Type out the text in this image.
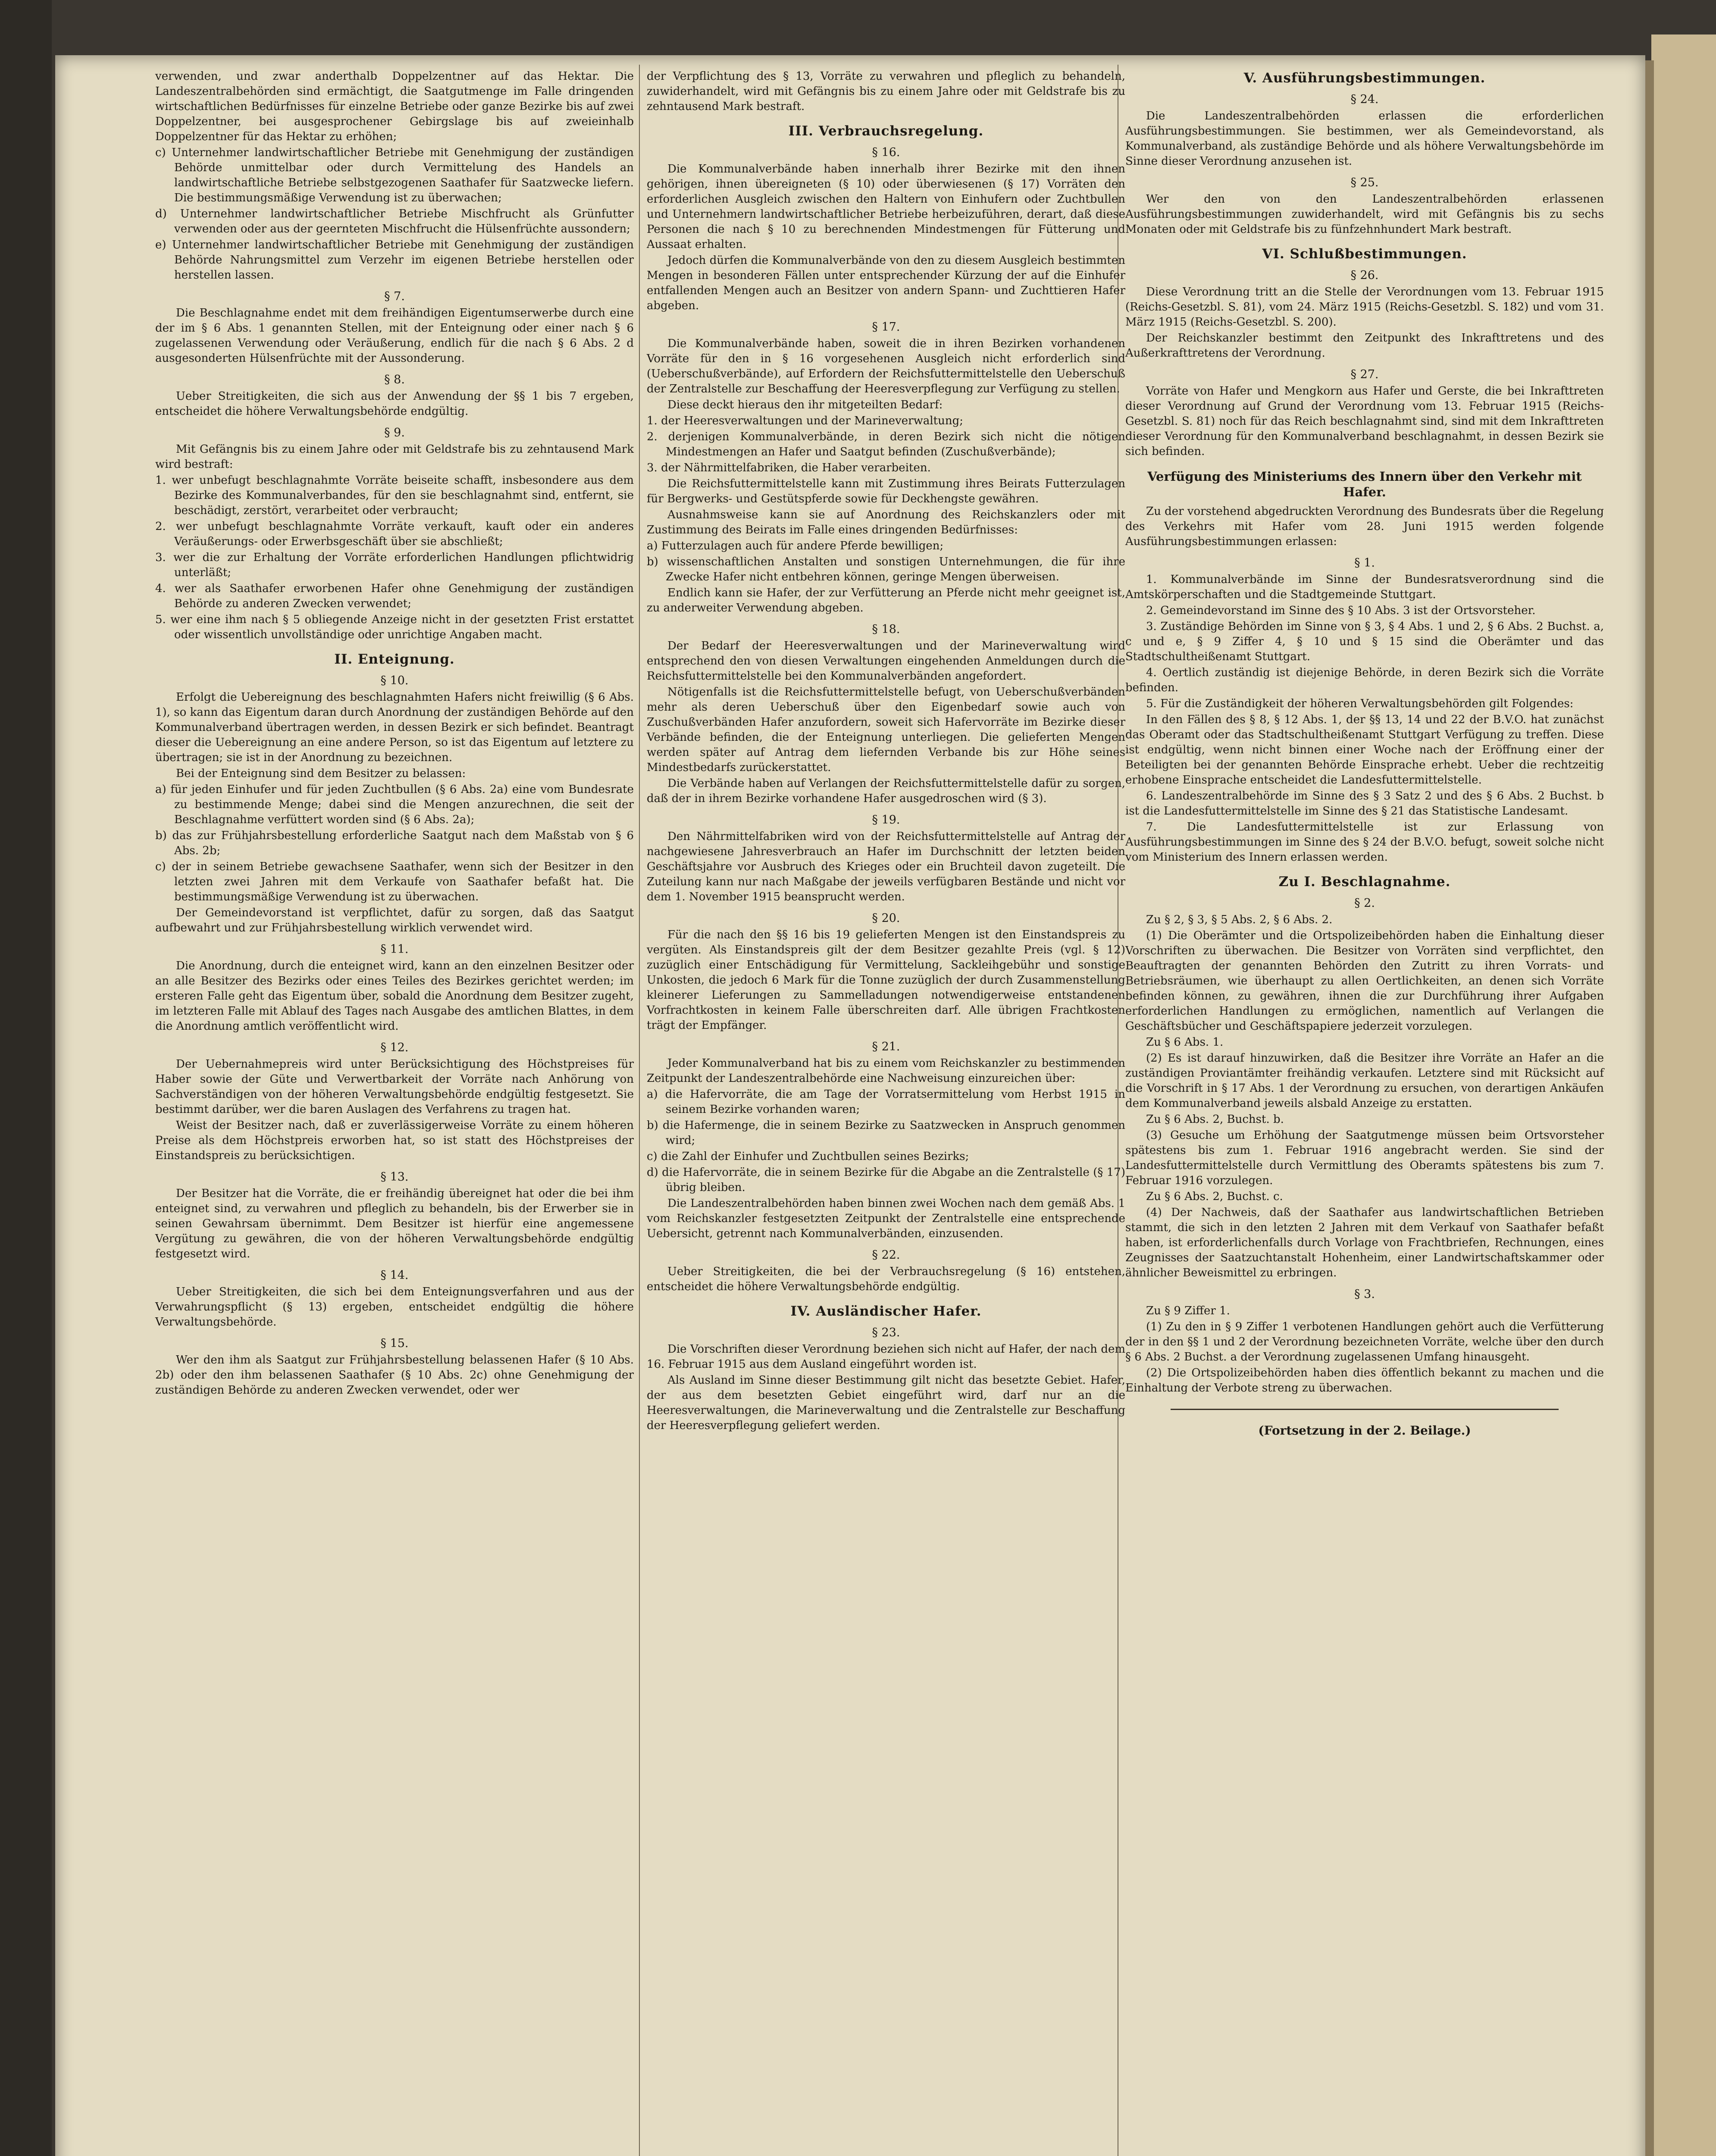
verwenden, und zwar anderthalb Doppelzentner auf das Hektar. Die Landeszentralbehörden sind ermächtigt, die Saatgutmenge im Falle dringenden wirtschaftlichen Bedürfnisses für einzelne Betriebe oder ganze Bezirke bis auf zwei Doppelzentner, bei ausgesprochener Gebirgslage bis auf zweieinhalb Doppelzentner für das Hektar zu erhöhen;

c) Unternehmer landwirtschaftlicher Betriebe mit Genehmigung der zuständigen Behörde unmittelbar oder durch Vermittelung des Handels an landwirtschaftliche Betriebe selbstgezogenen Saathafer für Saatzwecke liefern. Die bestimmungsmäßige Verwendung ist zu überwachen;

d) Unternehmer landwirtschaftlicher Betriebe Mischfrucht als Grünfutter verwenden oder aus der geernteten Mischfrucht die Hülsenfrüchte aussondern;

e) Unternehmer landwirtschaftlicher Betriebe mit Genehmigung der zuständigen Behörde Nahrungsmittel zum Verzehr im eigenen Betriebe herstellen oder herstellen lassen.

§ 7.

Die Beschlagnahme endet mit dem freihändigen Eigentumserwerbe durch eine der im § 6 Abs. 1 genannten Stellen, mit der Enteignung oder einer nach § 6 zugelassenen Verwendung oder Veräußerung, endlich für die nach § 6 Abs. 2 d ausgesonderten Hülsenfrüchte mit der Aussonderung.

§ 8.

Ueber Streitigkeiten, die sich aus der Anwendung der §§ 1 bis 7 ergeben, entscheidet die höhere Verwaltungsbehörde endgültig.

§ 9.

Mit Gefängnis bis zu einem Jahre oder mit Geldstrafe bis zu zehntausend Mark wird bestraft:

1. wer unbefugt beschlagnahmte Vorräte beiseite schafft, insbesondere aus dem Bezirke des Kommunalverbandes, für den sie beschlagnahmt sind, entfernt, sie beschädigt, zerstört, verarbeitet oder verbraucht;

2. wer unbefugt beschlagnahmte Vorräte verkauft, kauft oder ein anderes Veräußerungs- oder Erwerbsgeschäft über sie abschließt;

3. wer die zur Erhaltung der Vorräte erforderlichen Handlungen pflichtwidrig unterläßt;

4. wer als Saathafer erworbenen Hafer ohne Genehmigung der zuständigen Behörde zu anderen Zwecken verwendet;

5. wer eine ihm nach § 5 obliegende Anzeige nicht in der gesetzten Frist erstattet oder wissentlich unvollständige oder unrichtige Angaben macht.

II. Enteignung.
§ 10.

Erfolgt die Uebereignung des beschlagnahmten Hafers nicht freiwillig (§ 6 Abs. 1), so kann das Eigentum daran durch Anordnung der zuständigen Behörde auf den Kommunalverband übertragen werden, in dessen Bezirk er sich befindet. Beantragt dieser die Uebereignung an eine andere Person, so ist das Eigentum auf letztere zu übertragen; sie ist in der Anordnung zu bezeichnen.

Bei der Enteignung sind dem Besitzer zu belassen:

a) für jeden Einhufer und für jeden Zuchtbullen (§ 6 Abs. 2a) eine vom Bundesrate zu bestimmende Menge; dabei sind die Mengen anzurechnen, die seit der Beschlagnahme verfüttert worden sind (§ 6 Abs. 2a);

b) das zur Frühjahrsbestellung erforderliche Saatgut nach dem Maßstab von § 6 Abs. 2b;

c) der in seinem Betriebe gewachsene Saathafer, wenn sich der Besitzer in den letzten zwei Jahren mit dem Verkaufe von Saathafer befaßt hat. Die bestimmungsmäßige Verwendung ist zu überwachen.

Der Gemeindevorstand ist verpflichtet, dafür zu sorgen, daß das Saatgut aufbewahrt und zur Frühjahrsbestellung wirklich verwendet wird.

§ 11.

Die Anordnung, durch die enteignet wird, kann an den einzelnen Besitzer oder an alle Besitzer des Bezirks oder eines Teiles des Bezirkes gerichtet werden; im ersteren Falle geht das Eigentum über, sobald die Anordnung dem Besitzer zugeht, im letzteren Falle mit Ablauf des Tages nach Ausgabe des amtlichen Blattes, in dem die Anordnung amtlich veröffentlicht wird.

§ 12.

Der Uebernahmepreis wird unter Berücksichtigung des Höchstpreises für Haber sowie der Güte und Verwertbarkeit der Vorräte nach Anhörung von Sachverständigen von der höheren Verwaltungsbehörde endgültig festgesetzt. Sie bestimmt darüber, wer die baren Auslagen des Verfahrens zu tragen hat.

Weist der Besitzer nach, daß er zuverlässigerweise Vorräte zu einem höheren Preise als dem Höchstpreis erworben hat, so ist statt des Höchstpreises der Einstandspreis zu berücksichtigen.

§ 13.

Der Besitzer hat die Vorräte, die er freihändig übereignet hat oder die bei ihm enteignet sind, zu verwahren und pfleglich zu behandeln, bis der Erwerber sie in seinen Gewahrsam übernimmt. Dem Besitzer ist hierfür eine angemessene Vergütung zu gewähren, die von der höheren Verwaltungsbehörde endgültig festgesetzt wird.

§ 14.

Ueber Streitigkeiten, die sich bei dem Enteignungsverfahren und aus der Verwahrungspflicht (§ 13) ergeben, entscheidet endgültig die höhere Verwaltungsbehörde.

§ 15.

Wer den ihm als Saatgut zur Frühjahrsbestellung belassenen Hafer (§ 10 Abs. 2b) oder den ihm belassenen Saathafer (§ 10 Abs. 2c) ohne Genehmigung der zuständigen Behörde zu anderen Zwecken verwendet, oder wer

der Verpflichtung des § 13, Vorräte zu verwahren und pfleglich zu behandeln, zuwiderhandelt, wird mit Gefängnis bis zu einem Jahre oder mit Geldstrafe bis zu zehntausend Mark bestraft.

III. Verbrauchsregelung.
§ 16.

Die Kommunalverbände haben innerhalb ihrer Bezirke mit den ihnen gehörigen, ihnen übereigneten (§ 10) oder überwiesenen (§ 17) Vorräten den erforderlichen Ausgleich zwischen den Haltern von Einhufern oder Zuchtbullen und Unternehmern landwirtschaftlicher Betriebe herbeizuführen, derart, daß diese Personen die nach § 10 zu berechnenden Mindestmengen für Fütterung und Aussaat erhalten.

Jedoch dürfen die Kommunalverbände von den zu diesem Ausgleich bestimmten Mengen in besonderen Fällen unter entsprechender Kürzung der auf die Einhufer entfallenden Mengen auch an Besitzer von andern Spann- und Zuchttieren Hafer abgeben.

§ 17.

Die Kommunalverbände haben, soweit die in ihren Bezirken vorhandenen Vorräte für den in § 16 vorgesehenen Ausgleich nicht erforderlich sind (Ueberschußverbände), auf Erfordern der Reichsfuttermittelstelle den Ueberschuß der Zentralstelle zur Beschaffung der Heeresverpflegung zur Verfügung zu stellen.

Diese deckt hieraus den ihr mitgeteilten Bedarf:

1. der Heeresverwaltungen und der Marineverwaltung;

2. derjenigen Kommunalverbände, in deren Bezirk sich nicht die nötigen Mindestmengen an Hafer und Saatgut befinden (Zuschußverbände);

3. der Nährmittelfabriken, die Haber verarbeiten.

Die Reichsfuttermittelstelle kann mit Zustimmung ihres Beirats Futterzulagen für Bergwerks- und Gestütspferde sowie für Deckhengste gewähren.

Ausnahmsweise kann sie auf Anordnung des Reichskanzlers oder mit Zustimmung des Beirats im Falle eines dringenden Bedürfnisses:

a) Futterzulagen auch für andere Pferde bewilligen;

b) wissenschaftlichen Anstalten und sonstigen Unternehmungen, die für ihre Zwecke Hafer nicht entbehren können, geringe Mengen überweisen.

Endlich kann sie Hafer, der zur Verfütterung an Pferde nicht mehr geeignet ist, zu anderweiter Verwendung abgeben.

§ 18.

Der Bedarf der Heeresverwaltungen und der Marineverwaltung wird entsprechend den von diesen Verwaltungen eingehenden Anmeldungen durch die Reichsfuttermittelstelle bei den Kommunalverbänden angefordert.

Nötigenfalls ist die Reichsfuttermittelstelle befugt, von Ueberschußverbänden mehr als deren Ueberschuß über den Eigenbedarf sowie auch von Zuschußverbänden Hafer anzufordern, soweit sich Hafervorräte im Bezirke dieser Verbände befinden, die der Enteignung unterliegen. Die gelieferten Mengen werden später auf Antrag dem liefernden Verbande bis zur Höhe seines Mindestbedarfs zurückerstattet.

Die Verbände haben auf Verlangen der Reichsfuttermittelstelle dafür zu sorgen, daß der in ihrem Bezirke vorhandene Hafer ausgedroschen wird (§ 3).

§ 19.

Den Nährmittelfabriken wird von der Reichsfuttermittelstelle auf Antrag der nachgewiesene Jahresverbrauch an Hafer im Durchschnitt der letzten beiden Geschäftsjahre vor Ausbruch des Krieges oder ein Bruchteil davon zugeteilt. Die Zuteilung kann nur nach Maßgabe der jeweils verfügbaren Bestände und nicht vor dem 1. November 1915 beansprucht werden.

§ 20.

Für die nach den §§ 16 bis 19 gelieferten Mengen ist den Einstandspreis zu vergüten. Als Einstandspreis gilt der dem Besitzer gezahlte Preis (vgl. § 12) zuzüglich einer Entschädigung für Vermittelung, Sackleihgebühr und sonstige Unkosten, die jedoch 6 Mark für die Tonne zuzüglich der durch Zusammenstellung kleinerer Lieferungen zu Sammelladungen notwendigerweise entstandenen Vorfrachtkosten in keinem Falle überschreiten darf. Alle übrigen Frachtkosten trägt der Empfänger.

§ 21.

Jeder Kommunalverband hat bis zu einem vom Reichskanzler zu bestimmenden Zeitpunkt der Landeszentralbehörde eine Nachweisung einzureichen über:

a) die Hafervorräte, die am Tage der Vorratsermittelung vom Herbst 1915 in seinem Bezirke vorhanden waren;

b) die Hafermenge, die in seinem Bezirke zu Saatzwecken in Anspruch genommen wird;

c) die Zahl der Einhufer und Zuchtbullen seines Bezirks;

d) die Hafervorräte, die in seinem Bezirke für die Abgabe an die Zentralstelle (§ 17) übrig bleiben.

Die Landeszentralbehörden haben binnen zwei Wochen nach dem gemäß Abs. 1 vom Reichskanzler festgesetzten Zeitpunkt der Zentralstelle eine entsprechende Uebersicht, getrennt nach Kommunalverbänden, einzusenden.

§ 22.

Ueber Streitigkeiten, die bei der Verbrauchsregelung (§ 16) entstehen, entscheidet die höhere Verwaltungsbehörde endgültig.

IV. Ausländischer Hafer.
§ 23.

Die Vorschriften dieser Verordnung beziehen sich nicht auf Hafer, der nach dem 16. Februar 1915 aus dem Ausland eingeführt worden ist.

Als Ausland im Sinne dieser Bestimmung gilt nicht das besetzte Gebiet. Hafer, der aus dem besetzten Gebiet eingeführt wird, darf nur an die Heeresverwaltungen, die Marineverwaltung und die Zentralstelle zur Beschaffung der Heeresverpflegung geliefert werden.

V. Ausführungsbestimmungen.
§ 24.

Die Landeszentralbehörden erlassen die erforderlichen Ausführungsbestimmungen. Sie bestimmen, wer als Gemeindevorstand, als Kommunalverband, als zuständige Behörde und als höhere Verwaltungsbehörde im Sinne dieser Verordnung anzusehen ist.

§ 25.

Wer den von den Landeszentralbehörden erlassenen Ausführungsbestimmungen zuwiderhandelt, wird mit Gefängnis bis zu sechs Monaten oder mit Geldstrafe bis zu fünfzehnhundert Mark bestraft.

VI. Schlußbestimmungen.
§ 26.

Diese Verordnung tritt an die Stelle der Verordnungen vom 13. Februar 1915 (Reichs-Gesetzbl. S. 81), vom 24. März 1915 (Reichs-Gesetzbl. S. 182) und vom 31. März 1915 (Reichs-Gesetzbl. S. 200).

Der Reichskanzler bestimmt den Zeitpunkt des Inkrafttretens und des Außerkrafttretens der Verordnung.

§ 27.

Vorräte von Hafer und Mengkorn aus Hafer und Gerste, die bei Inkrafttreten dieser Verordnung auf Grund der Verordnung vom 13. Februar 1915 (Reichs-Gesetzbl. S. 81) noch für das Reich beschlagnahmt sind, sind mit dem Inkrafttreten dieser Verordnung für den Kommunalverband beschlagnahmt, in dessen Bezirk sie sich befinden.

Verfügung des Ministeriums des Innern über den Verkehr mit Hafer.

Zu der vorstehend abgedruckten Verordnung des Bundesrats über die Regelung des Verkehrs mit Hafer vom 28. Juni 1915 werden folgende Ausführungsbestimmungen erlassen:

§ 1.

1. Kommunalverbände im Sinne der Bundesratsverordnung sind die Amtskörperschaften und die Stadtgemeinde Stuttgart.

2. Gemeindevorstand im Sinne des § 10 Abs. 3 ist der Ortsvorsteher.

3. Zuständige Behörden im Sinne von § 3, § 4 Abs. 1 und 2, § 6 Abs. 2 Buchst. a, c und e, § 9 Ziffer 4, § 10 und § 15 sind die Oberämter und das Stadtschultheißenamt Stuttgart.

4. Oertlich zuständig ist diejenige Behörde, in deren Bezirk sich die Vorräte befinden.

5. Für die Zuständigkeit der höheren Verwaltungsbehörden gilt Folgendes:

In den Fällen des § 8, § 12 Abs. 1, der §§ 13, 14 und 22 der B.V.O. hat zunächst das Oberamt oder das Stadtschultheißenamt Stuttgart Verfügung zu treffen. Diese ist endgültig, wenn nicht binnen einer Woche nach der Eröffnung einer der Beteiligten bei der genannten Behörde Einsprache erhebt. Ueber die rechtzeitig erhobene Einsprache entscheidet die Landesfuttermittelstelle.

6. Landeszentralbehörde im Sinne des § 3 Satz 2 und des § 6 Abs. 2 Buchst. b ist die Landesfuttermittelstelle im Sinne des § 21 das Statistische Landesamt.

7. Die Landesfuttermittelstelle ist zur Erlassung von Ausführungsbestimmungen im Sinne des § 24 der B.V.O. befugt, soweit solche nicht vom Ministerium des Innern erlassen werden.

Zu I. Beschlagnahme.
§ 2.

Zu § 2, § 3, § 5 Abs. 2, § 6 Abs. 2.

(1) Die Oberämter und die Ortspolizeibehörden haben die Einhaltung dieser Vorschriften zu überwachen. Die Besitzer von Vorräten sind verpflichtet, den Beauftragten der genannten Behörden den Zutritt zu ihren Vorrats- und Betriebsräumen, wie überhaupt zu allen Oertlichkeiten, an denen sich Vorräte befinden können, zu gewähren, ihnen die zur Durchführung ihrer Aufgaben erforderlichen Handlungen zu ermöglichen, namentlich auf Verlangen die Geschäftsbücher und Geschäftspapiere jederzeit vorzulegen.

Zu § 6 Abs. 1.

(2) Es ist darauf hinzuwirken, daß die Besitzer ihre Vorräte an Hafer an die zuständigen Proviantämter freihändig verkaufen. Letztere sind mit Rücksicht auf die Vorschrift in § 17 Abs. 1 der Verordnung zu ersuchen, von derartigen Ankäufen dem Kommunalverband jeweils alsbald Anzeige zu erstatten.

Zu § 6 Abs. 2, Buchst. b.

(3) Gesuche um Erhöhung der Saatgutmenge müssen beim Ortsvorsteher spätestens bis zum 1. Februar 1916 angebracht werden. Sie sind der Landesfuttermittelstelle durch Vermittlung des Oberamts spätestens bis zum 7. Februar 1916 vorzulegen.

Zu § 6 Abs. 2, Buchst. c.

(4) Der Nachweis, daß der Saathafer aus landwirtschaftlichen Betrieben stammt, die sich in den letzten 2 Jahren mit dem Verkauf von Saathafer befaßt haben, ist erforderlichenfalls durch Vorlage von Frachtbriefen, Rechnungen, eines Zeugnisses der Saatzuchtanstalt Hohenheim, einer Landwirtschaftskammer oder ähnlicher Beweismittel zu erbringen.

§ 3.

Zu § 9 Ziffer 1.

(1) Zu den in § 9 Ziffer 1 verbotenen Handlungen gehört auch die Verfütterung der in den §§ 1 und 2 der Verordnung bezeichneten Vorräte, welche über den durch § 6 Abs. 2 Buchst. a der Verordnung zugelassenen Umfang hinausgeht.

(2) Die Ortspolizeibehörden haben dies öffentlich bekannt zu machen und die Einhaltung der Verbote streng zu überwachen.

(Fortsetzung in der 2. Beilage.)
